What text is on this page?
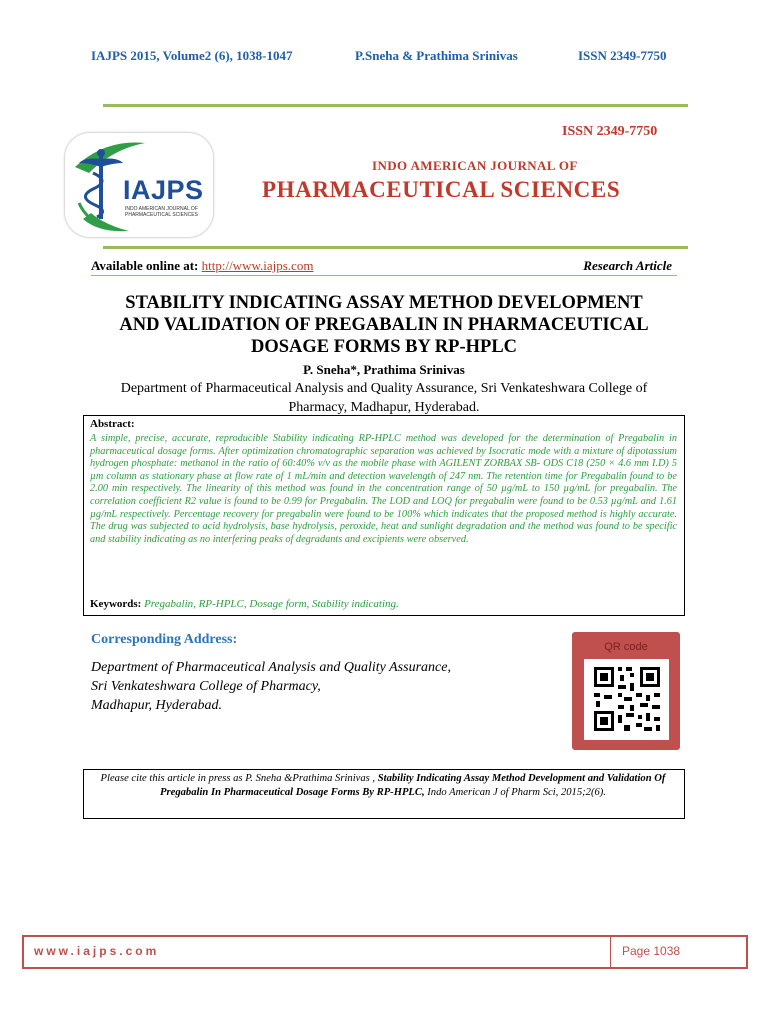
IAJPS 2015, Volume2 (6), 1038-1047	P.Sneha & Prathima Srinivas	ISSN 2349-7750
IAJPS
INDO AMERICAN JOURNAL OF PHARMACEUTICAL SCIENCES
ISSN 2349-7750
INDO AMERICAN JOURNAL OF
PHARMACEUTICAL SCIENCES
Available online at: http://www.iajps.com	Research Article
STABILITY INDICATING ASSAY METHOD DEVELOPMENT
AND VALIDATION OF PREGABALIN IN PHARMACEUTICAL
DOSAGE FORMS BY RP-HPLC
P. Sneha*, Prathima Srinivas
Department of Pharmaceutical Analysis and Quality Assurance, Sri Venkateshwara College of
Pharmacy, Madhapur, Hyderabad.
Abstract:
A simple, precise, accurate, reproducible Stability indicating RP-HPLC method was developed for the determination of Pregabalin in pharmaceutical dosage forms. After optimization chromatographic separation was achieved by Isocratic mode with a mixture of dipotassium hydrogen phosphate: methanol in the ratio of 60:40% v/v as the mobile phase with AGILENT ZORBAX SB- ODS C18 (250 × 4.6 mm I.D) 5 µm column as stationary phase at flow rate of 1 mL/min and detection wavelength of 247 nm. The retention time for Pregabalin found to be 2.00 min respectively. The linearity of this method was found in the concentration range of 50 µg/mL to 150 µg/mL for pregabalin. The correlation coefficient R2 value is found to be 0.99 for Pregabalin. The LOD and LOQ for pregabalin were found to be 0.53 µg/mL and 1.61 µg/mL respectively. Percentage recovery for pregabalin were found to be 100% which indicates that the proposed method is highly accurate. The drug was subjected to acid hydrolysis, base hydrolysis, peroxide, heat and sunlight degradation and the method was found to be specific and stability indicating as no interfering peaks of degradants and excipients were observed.
Keywords: Pregabalin, RP-HPLC, Dosage form, Stability indicating.
Corresponding Address:
Department of Pharmaceutical Analysis and Quality Assurance,
Sri Venkateshwara College of Pharmacy,
Madhapur, Hyderabad.
QR code
Please cite this article in press as P. Sneha &Prathima Srinivas , Stability Indicating Assay Method Development and Validation Of Pregabalin In Pharmaceutical Dosage Forms By RP-HPLC, Indo American J of Pharm Sci, 2015;2(6).
www.iajps.com	Page 1038
